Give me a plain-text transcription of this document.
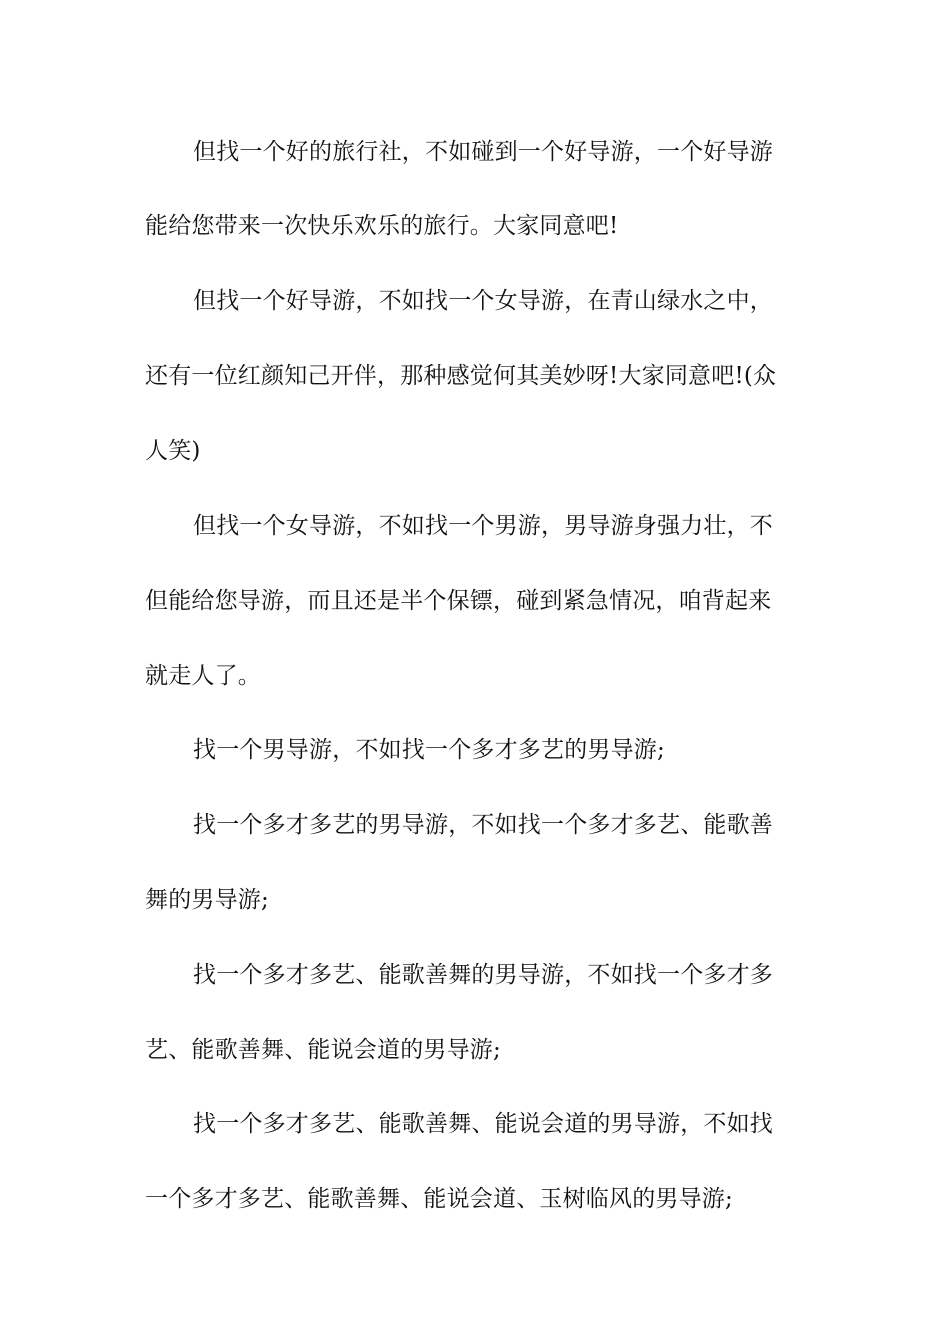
但找一个好的旅行社，不如碰到一个好导游，一个好导游
能给您带来一次快乐欢乐的旅行。大家同意吧!
但找一个好导游，不如找一个女导游，在青山绿水之中，
还有一位红颜知己开伴，那种感觉何其美妙呀!大家同意吧!(众
人笑)
但找一个女导游，不如找一个男游，男导游身强力壮，不
但能给您导游，而且还是半个保镖，碰到紧急情况，咱背起来
就走人了。
找一个男导游，不如找一个多才多艺的男导游;
找一个多才多艺的男导游，不如找一个多才多艺、能歌善
舞的男导游;
找一个多才多艺、能歌善舞的男导游，不如找一个多才多
艺、能歌善舞、能说会道的男导游;
找一个多才多艺、能歌善舞、能说会道的男导游，不如找
一个多才多艺、能歌善舞、能说会道、玉树临风的男导游;
